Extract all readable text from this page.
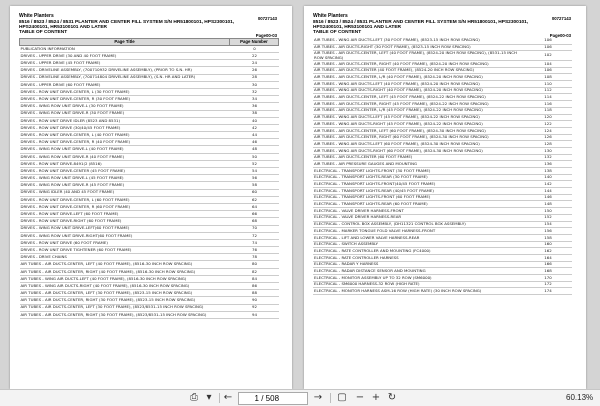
White Planters
8516 / 8523 / 8524 / 8531 PLANTER AND CENTER FILL SYSTEM S/N HR51800101, HPS2300101,
HPS2400101, HR53100101 AND LATER
TABLE OF CONTENT
00727143
Page00-03
Page Title	Page Number
PUBLICATION INFORMATION	0
DRIVES - UPPER DRIVE (30 AND 40 FOOT FRAME)	22
DRIVES - UPPER DRIVE (45 FOOT FRAME)	24
DRIVES - DRIVELINE ASSEMBLY, (700710932 DRIVELINE ASSEMBLY), (PRIOR TO S.N. HR)	26
DRIVES - DRIVELINE ASSEMBLY, (700714804 DRIVELINE ASSEMBLY), (S.N. HR AND LATER)	28
DRIVES - UPPER DRIVE (60 FOOT FRAME)	30
DRIVES - ROW UNIT DRIVE-CENTER, L (30 FOOT FRAME)	32
DRIVES - ROW UNIT DRIVE-CENTER, R (30 FOOT FRAME)	34
DRIVES - WING ROW UNIT DRIVE-L (30 FOOT FRAME)	36
DRIVES - WING ROW UNIT DRIVE-R (30 FOOT FRAME)	38
DRIVES - ROW UNIT DRIVE IDLER (8523 AND 8531)	40
DRIVES - ROW UNIT DRIVE (30/40/45 FOOT FRAME)	42
DRIVES - ROW UNIT DRIVE-CENTER, L (40 FOOT FRAME)	44
DRIVES - ROW UNIT DRIVE-CENTER, R (40 FOOT FRAME)	46
DRIVES - WING ROW UNIT DRIVE-L (40 FOOT FRAME)	48
DRIVES - WING ROW UNIT DRIVE-R (40 FOOT FRAME)	50
DRIVES - ROW UNIT DRIVE-8491(2 (8516)	52
DRIVES - ROW UNIT DRIVE-CENTER (45 FOOT FRAME)	54
DRIVES - WING ROW UNIT DRIVE-L (45 FOOT FRAME)	56
DRIVES - WING ROW UNIT DRIVE-R (45 FOOT FRAME)	58
DRIVES - WING IDLER (40 AND 45 FOOT FRAME)	60
DRIVES - ROW UNIT DRIVE-CENTER, L (60 FOOT FRAME)	62
DRIVES - ROW UNIT DRIVE-CENTER, R (60 FOOT FRAME)	64
DRIVES - ROW UNIT DRIVE-LEFT (60 FOOT FRAME)	66
DRIVES - ROW UNIT DRIVE-RIGHT (60 FOOT FRAME)	68
DRIVES - WING ROW UNIT DRIVE-LEFT(60 FOOT FRAME)	70
DRIVES - WING ROW UNIT DRIVE-RIGHT(60 FOOT FRAME)	72
DRIVES - ROW UNIT DRIVE (60 FOOT FRAME)	74
DRIVES - ROW UNIT DRIVE TIGHTENER (60 FOOT FRAME)	76
DRIVES - DRIVE CHAINS	78
AIR TUBES - AIR DUCTS-CENTER, LEFT (40 FOOT FRAME), (8516-30 INCH ROW SPACING)	80
AIR TUBES - AIR DUCTS-CENTER, RIGHT (40 FOOT FRAME), (8516-30 INCH ROW SPACING)	82
AIR TUBES - WING AIR DUCTS-LEFT (40 FOOT FRAME), (8516-30 INCH ROW SPACING)	84
AIR TUBES - WING AIR DUCTS-RIGHT (40 FOOT FRAME), (8516-30 INCH ROW SPACING)	86
AIR TUBES - AIR DUCTS-CENTER, LEFT (30 FOOT FRAME), (8523-15 INCH ROW SPACING)	88
AIR TUBES - AIR DUCTS-CENTER, RIGHT (30 FOOT FRAME), (8523-15 INCH ROW SPACING)	90
AIR TUBES - AIR DUCTS-CENTER, LEFT (30 FOOT FRAME), (8523/8531-15 INCH ROW SPACING)	92
AIR TUBES - AIR DUCTS-CENTER, RIGHT (30 FOOT FRAME), (8523/8531-15 INCH ROW SPACING)	94
White Planters
8516 / 8523 / 8524 / 8531 PLANTER AND CENTER FILL SYSTEM S/N HR51800101, HPS2300101,
HPS2400101, HR53100101 AND LATER
TABLE OF CONTENT
00727143
Page00-03
AIR TUBES - WING AIR DUCTS-LEFT (30 FOOT FRAME), (8523-15 INCH ROW SPACING)	106
AIR TUBES - AIR DUCTS-RIGHT (30 FOOT FRAME), (8523-15 INCH ROW SPACING)	106
AIR TUBES - AIR DUCTS-CENTER, LEFT (40 FOOT FRAME), (8524-20 INCH ROW SPACING), (8531-15 INCH ROW SPACING)	102
AIR TUBES - AIR DUCTS-CENTER, RIGHT (40 FOOT FRAME), (8524-20 INCH ROW SPACING)	104
AIR TUBES - AIR DUCTS-CENTER (40 FOOT FRAME), (8524-20 INCH ROW SPACING)	106
AIR TUBES - AIR DUCTS-CENTER, L/R (40 FOOT FRAME), (8524-20 INCH ROW SPACING)	108
AIR TUBES - WING AIR DUCTS-LEFT (40 FOOT FRAME), (8524-20 INCH ROW SPACING)	110
AIR TUBES - WING AIR DUCTS-RIGHT (40 FOOT FRAME), (8524-20 INCH ROW SPACING)	112
AIR TUBES - AIR DUCTS-CENTER, LEFT (45 FOOT FRAME), (8524-22 INCH ROW SPACING)	114
AIR TUBES - AIR DUCTS-CENTER, RIGHT (45 FOOT FRAME), (8524-22 INCH ROW SPACING)	116
AIR TUBES - AIR DUCTS-CENTER, L/R (45 FOOT FRAME), (8524-22 INCH ROW SPACING)	118
AIR TUBES - WING AIR DUCTS-LEFT (45 FOOT FRAME), (8524-22 INCH ROW SPACING)	120
AIR TUBES - WING AIR DUCTS-RIGHT (45 FOOT FRAME), (8524-22 INCH ROW SPACING)	122
AIR TUBES - AIR DUCTS-CENTER, LEFT (60 FOOT FRAME), (8524-30 INCH ROW SPACING)	124
AIR TUBES - AIR DUCTS-CENTER, RIGHT (60 FOOT FRAME), (8524-30 INCH ROW SPACING)	126
AIR TUBES - WING AIR DUCTS-LEFT (60 FOOT FRAME), (8524-30 INCH ROW SPACING)	128
AIR TUBES - WING AIR DUCTS-RIGHT (60 FOOT FRAME), (8524-30 INCH ROW SPACING)	130
AIR TUBES - AIR DUCTS-CENTER (60 FOOT FRAME)	132
AIR TUBES - AIR PRESSURE GAUGES AND MOUNTING	136
ELECTRICAL - TRANSPORT LIGHTS-FRONT (30 FOOT FRAME)	138
ELECTRICAL - TRANSPORT LIGHTS-REAR (30 FOOT FRAME)	140
ELECTRICAL - TRANSPORT LIGHTS-FRONT(40/45 FOOT FRAME)	142
ELECTRICAL - TRANSPORT LIGHTS-REAR (40/45 FOOT FRAME)	144
ELECTRICAL - TRANSPORT LIGHTS-FRONT (60 FOOT FRAME)	146
ELECTRICAL - TRANSPORT LIGHTS-REAR (60 FOOT FRAME)	148
ELECTRICAL - VALVE DRIVER HARNESS-FRONT	150
ELECTRICAL - VALVE DRIVER HARNESS-REAR	152
ELECTRICAL - CONTROL BOX ASSEMBLY, (DH11321 CONTROL BOX ASSEMBLY)	154
ELECTRICAL - MARKER TONGUE FOLD VALVE HARNESS-FRONT	156
ELECTRICAL - LIFT AND LOWER VALVE HARNESS-REAR	158
ELECTRICAL - SWITCH ASSEMBLY	160
ELECTRICAL - RATE CONTROLLER AND MOUNTING (FC4000)	162
ELECTRICAL - RATE CONTROLLER HARNESS	164
ELECTRICAL - RADAR Y HARNESS	166
ELECTRICAL - RADAR DISTANCE SENSOR AND MOUNTING	168
ELECTRICAL - MONITOR ASSEMBLY UP TO 32 ROW (SM6000)	170
ELECTRICAL - SM6000 HARNESS-32 ROW (HIGH RATE)	172
ELECTRICAL - MONITOR HARNESS ASM-16 ROW (HIGH RATE) (30 INCH ROW SPACING)	174
⎙ ▾	←
1	/ 508	→ ▢ − + ↻	60.13%
